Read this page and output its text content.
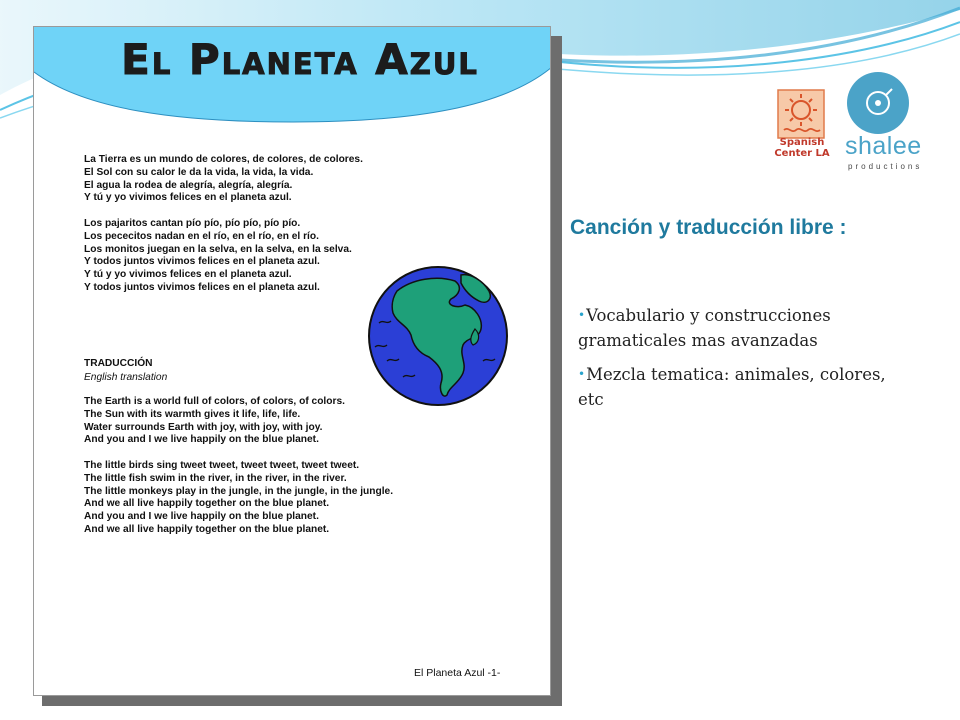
El Planeta Azul
La Tierra es un mundo de colores, de colores, de colores.
El Sol con su calor le da la vida, la vida, la vida.
El agua la rodea de alegría, alegría, alegría.
Y tú y yo vivimos felices en el planeta azul.
Los pajaritos cantan pío pío, pío pío, pío pío.
Los pececitos nadan en el río, en el río, en el río.
Los monitos juegan en la selva, en la selva, en la selva.
Y todos juntos vivimos felices en el planeta azul.
Y tú y yo vivimos felices en el planeta azul.
Y todos juntos vivimos felices en el planeta azul.
TRADUCCIÓN
English translation
The Earth is a world full of colors, of colors, of colors.
The Sun with its warmth gives it life, life, life.
Water surrounds Earth with joy, with joy, with joy.
And you and I we live happily on the blue planet.
The little birds sing tweet tweet, tweet tweet, tweet tweet.
The little fish swim in the river, in the river, in the river.
The little monkeys play in the jungle, in the jungle, in the jungle.
And we all live happily together on the blue planet.
And you and I we live happily on the blue planet.
And we all live happily together on the blue planet.
El Planeta Azul -1-
Spanish Center LA shalee
productions
Canción y traducción libre :
•Vocabulario y construcciones gramaticales mas avanzadas
•Mezcla tematica: animales, colores, etc
